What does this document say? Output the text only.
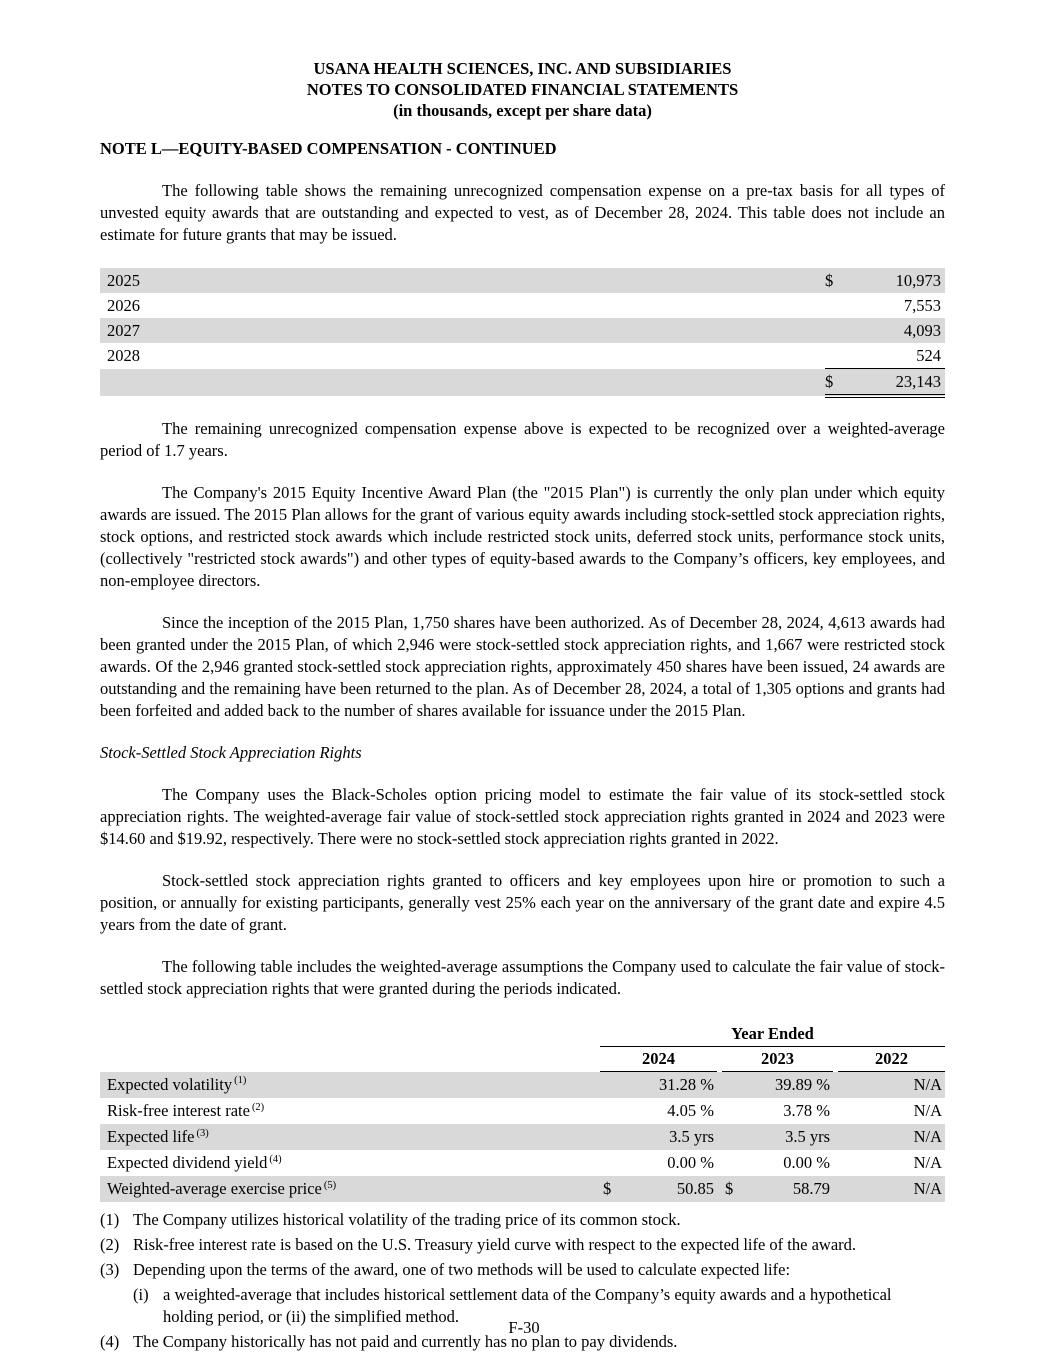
USANA HEALTH SCIENCES, INC. AND SUBSIDIARIES
NOTES TO CONSOLIDATED FINANCIAL STATEMENTS
(in thousands, except per share data)
NOTE L—EQUITY-BASED COMPENSATION - CONTINUED

The following table shows the remaining unrecognized compensation expense on a pre-tax basis for all types of unvested equity awards that are outstanding and expected to vest, as of December 28, 2024. This table does not include an estimate for future grants that may be issued.

2025	$	10,973
2026		7,553
2027		4,093
2028		524
	$	23,143

The remaining unrecognized compensation expense above is expected to be recognized over a weighted-average period of 1.7 years.

The Company's 2015 Equity Incentive Award Plan (the "2015 Plan") is currently the only plan under which equity awards are issued. The 2015 Plan allows for the grant of various equity awards including stock-settled stock appreciation rights, stock options, and restricted stock awards which include restricted stock units, deferred stock units, performance stock units, (collectively "restricted stock awards") and other types of equity-based awards to the Company’s officers, key employees, and non-employee directors.

Since the inception of the 2015 Plan, 1,750 shares have been authorized. As of December 28, 2024, 4,613 awards had been granted under the 2015 Plan, of which 2,946 were stock-settled stock appreciation rights, and 1,667 were restricted stock awards. Of the 2,946 granted stock-settled stock appreciation rights, approximately 450 shares have been issued, 24 awards are outstanding and the remaining have been returned to the plan. As of December 28, 2024, a total of 1,305 options and grants had been forfeited and added back to the number of shares available for issuance under the 2015 Plan.

Stock-Settled Stock Appreciation Rights

The Company uses the Black-Scholes option pricing model to estimate the fair value of its stock-settled stock appreciation rights. The weighted-average fair value of stock-settled stock appreciation rights granted in 2024 and 2023 were $14.60 and $19.92, respectively. There were no stock-settled stock appreciation rights granted in 2022.

Stock-settled stock appreciation rights granted to officers and key employees upon hire or promotion to such a position, or annually for existing participants, generally vest 25% each year on the anniversary of the grant date and expire 4.5 years from the date of grant.

The following table includes the weighted-average assumptions the Company used to calculate the fair value of stock-settled stock appreciation rights that were granted during the periods indicated.

	Year Ended						
	2024			2023			2022
Expected volatility $^{(1)}$		31.28 %			39.89 %		N/A
Risk-free interest rate $^{(2)}$		4.05 %			3.78 %		N/A
Expected life $^{(3)}$		3.5 yrs			3.5 yrs		N/A
Expected dividend yield $^{(4)}$		0.00 %			0.00 %		N/A
Weighted-average exercise price $^{(5)}$	$	50.85		$	58.79		N/A
(1) The Company utilizes historical volatility of the trading price of its common stock.
(2) Risk-free interest rate is based on the U.S. Treasury yield curve with respect to the expected life of the award.
(3) Depending upon the terms of the award, one of two methods will be used to calculate expected life:
(i) a weighted-average that includes historical settlement data of the Company’s equity awards and a hypothetical holding period, or (ii) the simplified method.
(4) The Company historically has not paid and currently has no plan to pay dividends.
F-30
